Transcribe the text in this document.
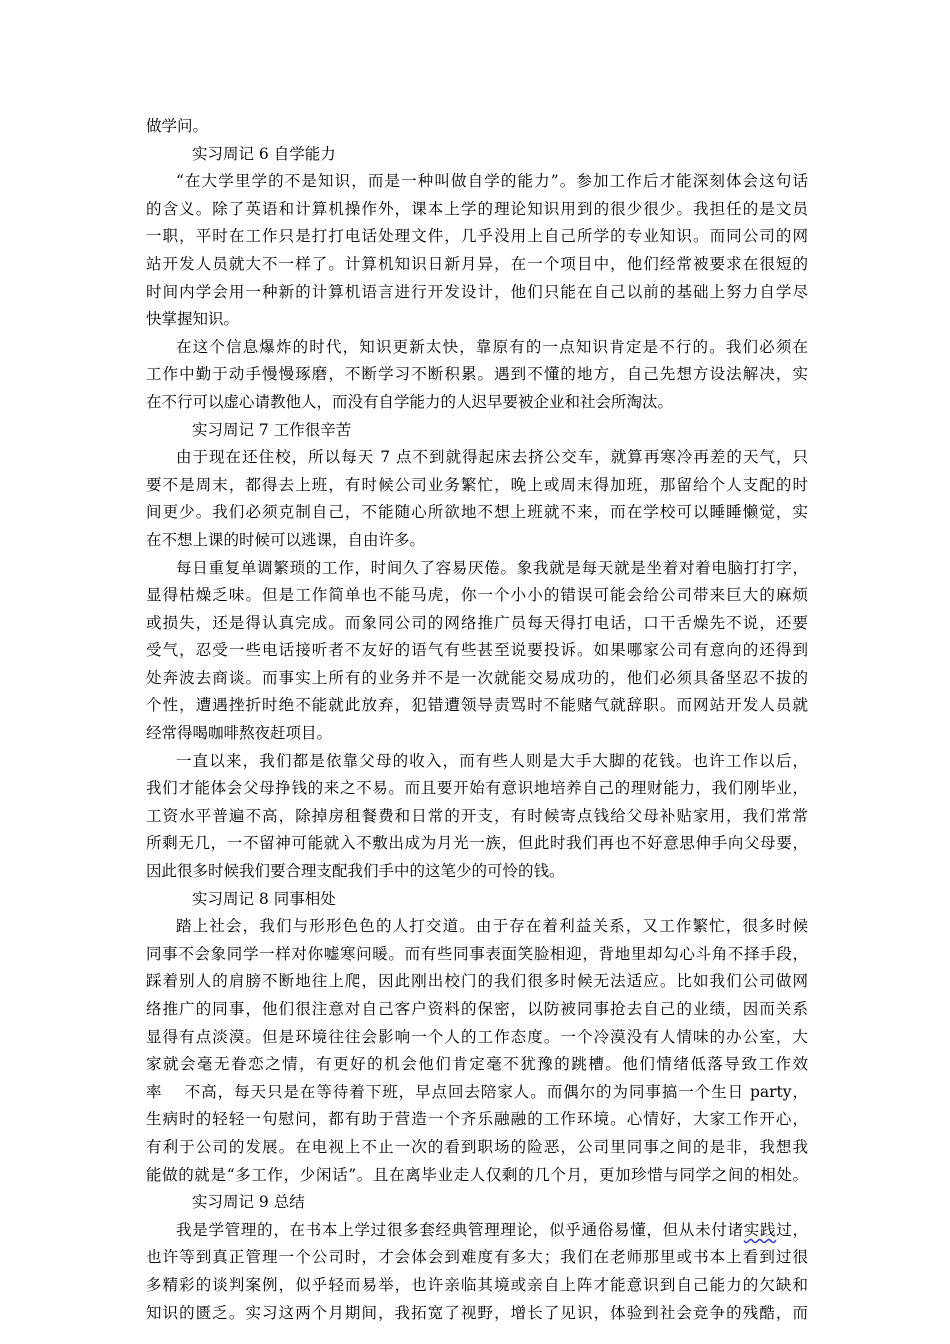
做学问。
实习周记 6 自学能力
“在大学里学的不是知识，而是一种叫做自学的能力”。参加工作后才能深刻体会这句话
的含义。除了英语和计算机操作外，课本上学的理论知识用到的很少很少。我担任的是文员
一职，平时在工作只是打打电话处理文件，几乎没用上自己所学的专业知识。而同公司的网
站开发人员就大不一样了。计算机知识日新月异，在一个项目中，他们经常被要求在很短的
时间内学会用一种新的计算机语言进行开发设计，他们只能在自己以前的基础上努力自学尽
快掌握知识。
在这个信息爆炸的时代，知识更新太快，靠原有的一点知识肯定是不行的。我们必须在
工作中勤于动手慢慢琢磨，不断学习不断积累。遇到不懂的地方，自己先想方设法解决，实
在不行可以虚心请教他人，而没有自学能力的人迟早要被企业和社会所淘汰。
实习周记 7 工作很辛苦
由于现在还住校，所以每天 7 点不到就得起床去挤公交车，就算再寒冷再差的天气，只
要不是周末，都得去上班，有时候公司业务繁忙，晚上或周末得加班，那留给个人支配的时
间更少。我们必须克制自己，不能随心所欲地不想上班就不来，而在学校可以睡睡懒觉，实
在不想上课的时候可以逃课，自由许多。
每日重复单调繁琐的工作，时间久了容易厌倦。象我就是每天就是坐着对着电脑打打字，
显得枯燥乏味。但是工作简单也不能马虎，你一个小小的错误可能会给公司带来巨大的麻烦
或损失，还是得认真完成。而象同公司的网络推广员每天得打电话，口干舌燥先不说，还要
受气，忍受一些电话接听者不友好的语气有些甚至说要投诉。如果哪家公司有意向的还得到
处奔波去商谈。而事实上所有的业务并不是一次就能交易成功的，他们必须具备坚忍不拔的
个性，遭遇挫折时绝不能就此放弃，犯错遭领导责骂时不能赌气就辞职。而网站开发人员就
经常得喝咖啡熬夜赶项目。
一直以来，我们都是依靠父母的收入，而有些人则是大手大脚的花钱。也许工作以后，
我们才能体会父母挣钱的来之不易。而且要开始有意识地培养自己的理财能力，我们刚毕业，
工资水平普遍不高，除掉房租餐费和日常的开支，有时候寄点钱给父母补贴家用，我们常常
所剩无几，一不留神可能就入不敷出成为月光一族，但此时我们再也不好意思伸手向父母要，
因此很多时候我们要合理支配我们手中的这笔少的可怜的钱。
实习周记 8 同事相处
踏上社会，我们与形形色色的人打交道。由于存在着利益关系，又工作繁忙，很多时候
同事不会象同学一样对你嘘寒问暖。而有些同事表面笑脸相迎，背地里却勾心斗角不择手段，
踩着别人的肩膀不断地往上爬，因此刚出校门的我们很多时候无法适应。比如我们公司做网
络推广的同事，他们很注意对自己客户资料的保密，以防被同事抢去自己的业绩，因而关系
显得有点淡漠。但是环境往往会影响一个人的工作态度。一个冷漠没有人情味的办公室，大
家就会毫无眷恋之情，有更好的机会他们肯定毫不犹豫的跳槽。他们情绪低落导致工作效
率　 不高，每天只是在等待着下班，早点回去陪家人。而偶尔的为同事搞一个生日 party，
生病时的轻轻一句慰问，都有助于营造一个齐乐融融的工作环境。心情好，大家工作开心，
有利于公司的发展。在电视上不止一次的看到职场的险恶，公司里同事之间的是非，我想我
能做的就是“多工作，少闲话”。且在离毕业走人仅剩的几个月，更加珍惜与同学之间的相处。
实习周记 9 总结
我是学管理的，在书本上学过很多套经典管理理论，似乎通俗易懂，但从未付诸实践过，
也许等到真正管理一个公司时，才会体会到难度有多大；我们在老师那里或书本上看到过很
多精彩的谈判案例，似乎轻而易举，也许亲临其境或亲自上阵才能意识到自己能力的欠缺和
知识的匮乏。实习这两个月期间，我拓宽了视野，增长了见识，体验到社会竞争的残酷，而
